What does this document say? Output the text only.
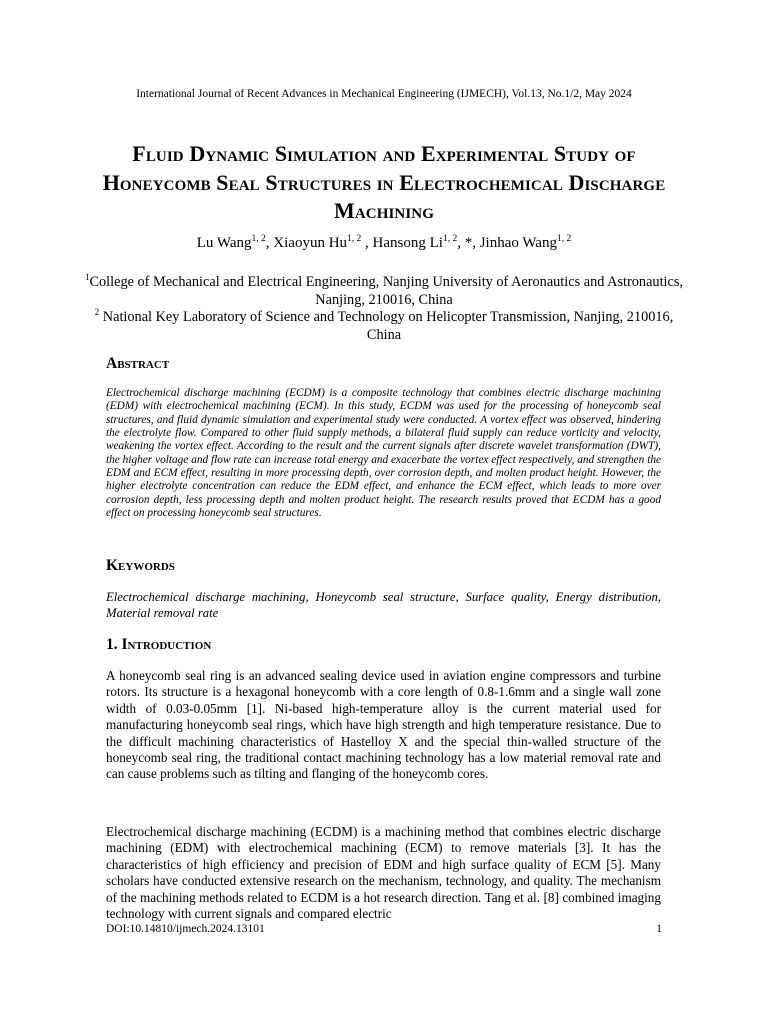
International Journal of Recent Advances in Mechanical Engineering (IJMECH), Vol.13, No.1/2, May 2024
Fluid Dynamic Simulation and Experimental Study of Honeycomb Seal Structures in Electrochemical Discharge Machining
Lu Wang$^{1, 2}$, Xiaoyun Hu$^{1, 2}$ , Hansong Li$^{1, 2}$, *, Jinhao Wang$^{1, 2}$
$^1$College of Mechanical and Electrical Engineering, Nanjing University of Aeronautics and Astronautics, Nanjing, 210016, China
$^2$ National Key Laboratory of Science and Technology on Helicopter Transmission, Nanjing, 210016, China
Abstract
Electrochemical discharge machining (ECDM) is a composite technology that combines electric discharge machining (EDM) with electrochemical machining (ECM). In this study, ECDM was used for the processing of honeycomb seal structures, and fluid dynamic simulation and experimental study were conducted. A vortex effect was observed, hindering the electrolyte flow. Compared to other fluid supply methods, a bilateral fluid supply can reduce vorticity and velocity, weakening the vortex effect. According to the result and the current signals after discrete wavelet transformation (DWT), the higher voltage and flow rate can increase total energy and exacerbate the vortex effect respectively, and strengthen the EDM and ECM effect, resulting in more processing depth, over corrosion depth, and molten product height. However, the higher electrolyte concentration can reduce the EDM effect, and enhance the ECM effect, which leads to more over corrosion depth, less processing depth and molten product height. The research results proved that ECDM has a good effect on processing honeycomb seal structures.
Keywords
Electrochemical discharge machining, Honeycomb seal structure, Surface quality, Energy distribution, Material removal rate
1. Introduction
A honeycomb seal ring is an advanced sealing device used in aviation engine compressors and turbine rotors. Its structure is a hexagonal honeycomb with a core length of 0.8-1.6mm and a single wall zone width of 0.03-0.05mm [1]. Ni-based high-temperature alloy is the current material used for manufacturing honeycomb seal rings, which have high strength and high temperature resistance. Due to the difficult machining characteristics of Hastelloy X and the special thin-walled structure of the honeycomb seal ring, the traditional contact machining technology has a low material removal rate and can cause problems such as tilting and flanging of the honeycomb cores.
Electrochemical discharge machining (ECDM) is a machining method that combines electric discharge machining (EDM) with electrochemical machining (ECM) to remove materials [3]. It has the characteristics of high efficiency and precision of EDM and high surface quality of ECM [5]. Many scholars have conducted extensive research on the mechanism, technology, and quality. The mechanism of the machining methods related to ECDM is a hot research direction. Tang et al. [8] combined imaging technology with current signals and compared electric
DOI:10.14810/ijmech.2024.13101	1
